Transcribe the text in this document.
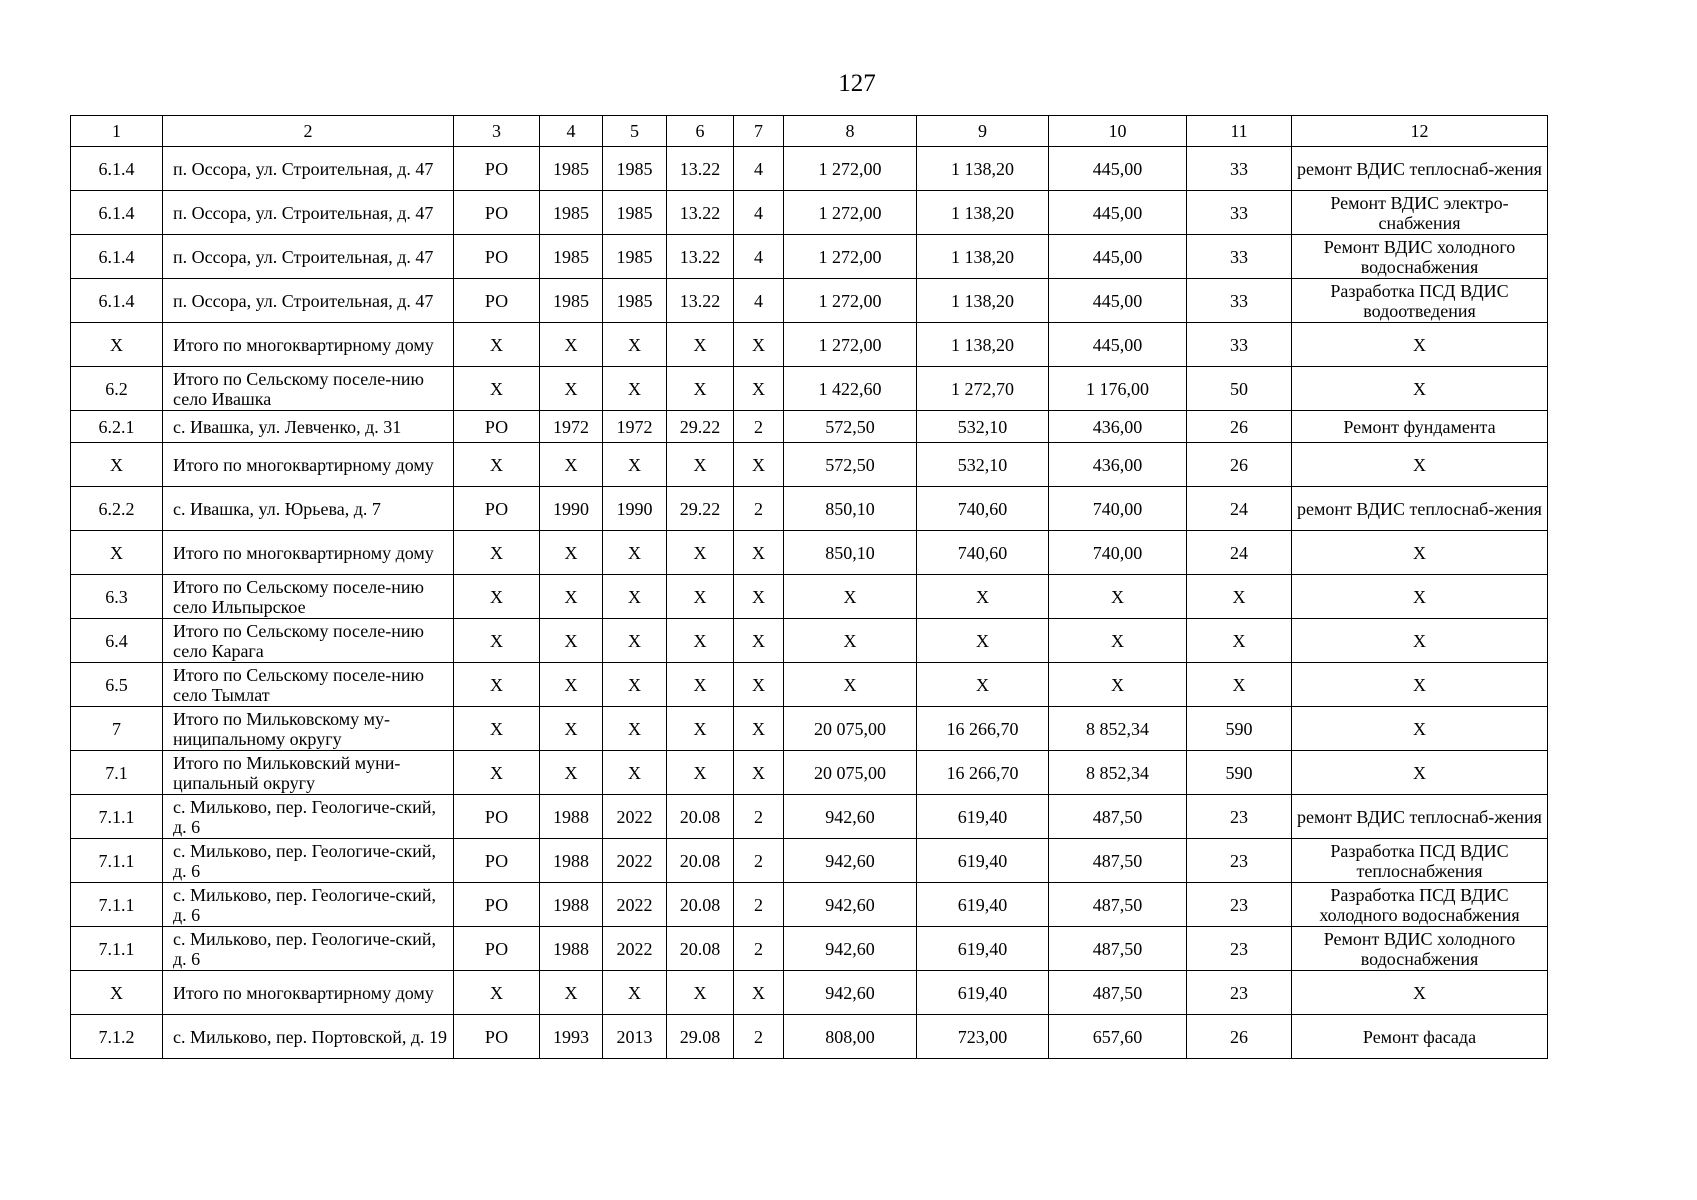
127
1	2	3	4	5	6	7	8	9	10	11	12
6.1.4	п. Оссора, ул. Строительная, д. 47	РО	1985	1985	13.22	4	1 272,00	1 138,20	445,00	33	ремонт ВДИС теплоснаб-жения
6.1.4	п. Оссора, ул. Строительная, д. 47	РО	1985	1985	13.22	4	1 272,00	1 138,20	445,00	33	Ремонт ВДИС электро-снабжения
6.1.4	п. Оссора, ул. Строительная, д. 47	РО	1985	1985	13.22	4	1 272,00	1 138,20	445,00	33	Ремонт ВДИС холодного водоснабжения
6.1.4	п. Оссора, ул. Строительная, д. 47	РО	1985	1985	13.22	4	1 272,00	1 138,20	445,00	33	Разработка ПСД ВДИС водоотведения
Х	Итого по многоквартирному дому	Х	Х	Х	Х	Х	1 272,00	1 138,20	445,00	33	Х
6.2	Итого по Сельскому поселе-нию село Ивашка	Х	Х	Х	Х	Х	1 422,60	1 272,70	1 176,00	50	Х
6.2.1	с. Ивашка, ул. Левченко, д. 31	РО	1972	1972	29.22	2	572,50	532,10	436,00	26	Ремонт фундамента
Х	Итого по многоквартирному дому	Х	Х	Х	Х	Х	572,50	532,10	436,00	26	Х
6.2.2	с. Ивашка, ул. Юрьева, д. 7	РО	1990	1990	29.22	2	850,10	740,60	740,00	24	ремонт ВДИС теплоснаб-жения
Х	Итого по многоквартирному дому	Х	Х	Х	Х	Х	850,10	740,60	740,00	24	Х
6.3	Итого по Сельскому поселе-нию село Ильпырское	Х	Х	Х	Х	Х	Х	Х	Х	Х	Х
6.4	Итого по Сельскому поселе-нию село Карага	Х	Х	Х	Х	Х	Х	Х	Х	Х	Х
6.5	Итого по Сельскому поселе-нию село Тымлат	Х	Х	Х	Х	Х	Х	Х	Х	Х	Х
7	Итого по Мильковскому му-ниципальному округу	Х	Х	Х	Х	Х	20 075,00	16 266,70	8 852,34	590	Х
7.1	Итого по Мильковский муни-ципальный округу	Х	Х	Х	Х	Х	20 075,00	16 266,70	8 852,34	590	Х
7.1.1	с. Мильково, пер. Геологиче-ский, д. 6	РО	1988	2022	20.08	2	942,60	619,40	487,50	23	ремонт ВДИС теплоснаб-жения
7.1.1	с. Мильково, пер. Геологиче-ский, д. 6	РО	1988	2022	20.08	2	942,60	619,40	487,50	23	Разработка ПСД ВДИС теплоснабжения
7.1.1	с. Мильково, пер. Геологиче-ский, д. 6	РО	1988	2022	20.08	2	942,60	619,40	487,50	23	Разработка ПСД ВДИС холодного водоснабжения
7.1.1	с. Мильково, пер. Геологиче-ский, д. 6	РО	1988	2022	20.08	2	942,60	619,40	487,50	23	Ремонт ВДИС холодного водоснабжения
Х	Итого по многоквартирному дому	Х	Х	Х	Х	Х	942,60	619,40	487,50	23	Х
7.1.2	с. Мильково, пер. Портовской, д. 19	РО	1993	2013	29.08	2	808,00	723,00	657,60	26	Ремонт фасада
